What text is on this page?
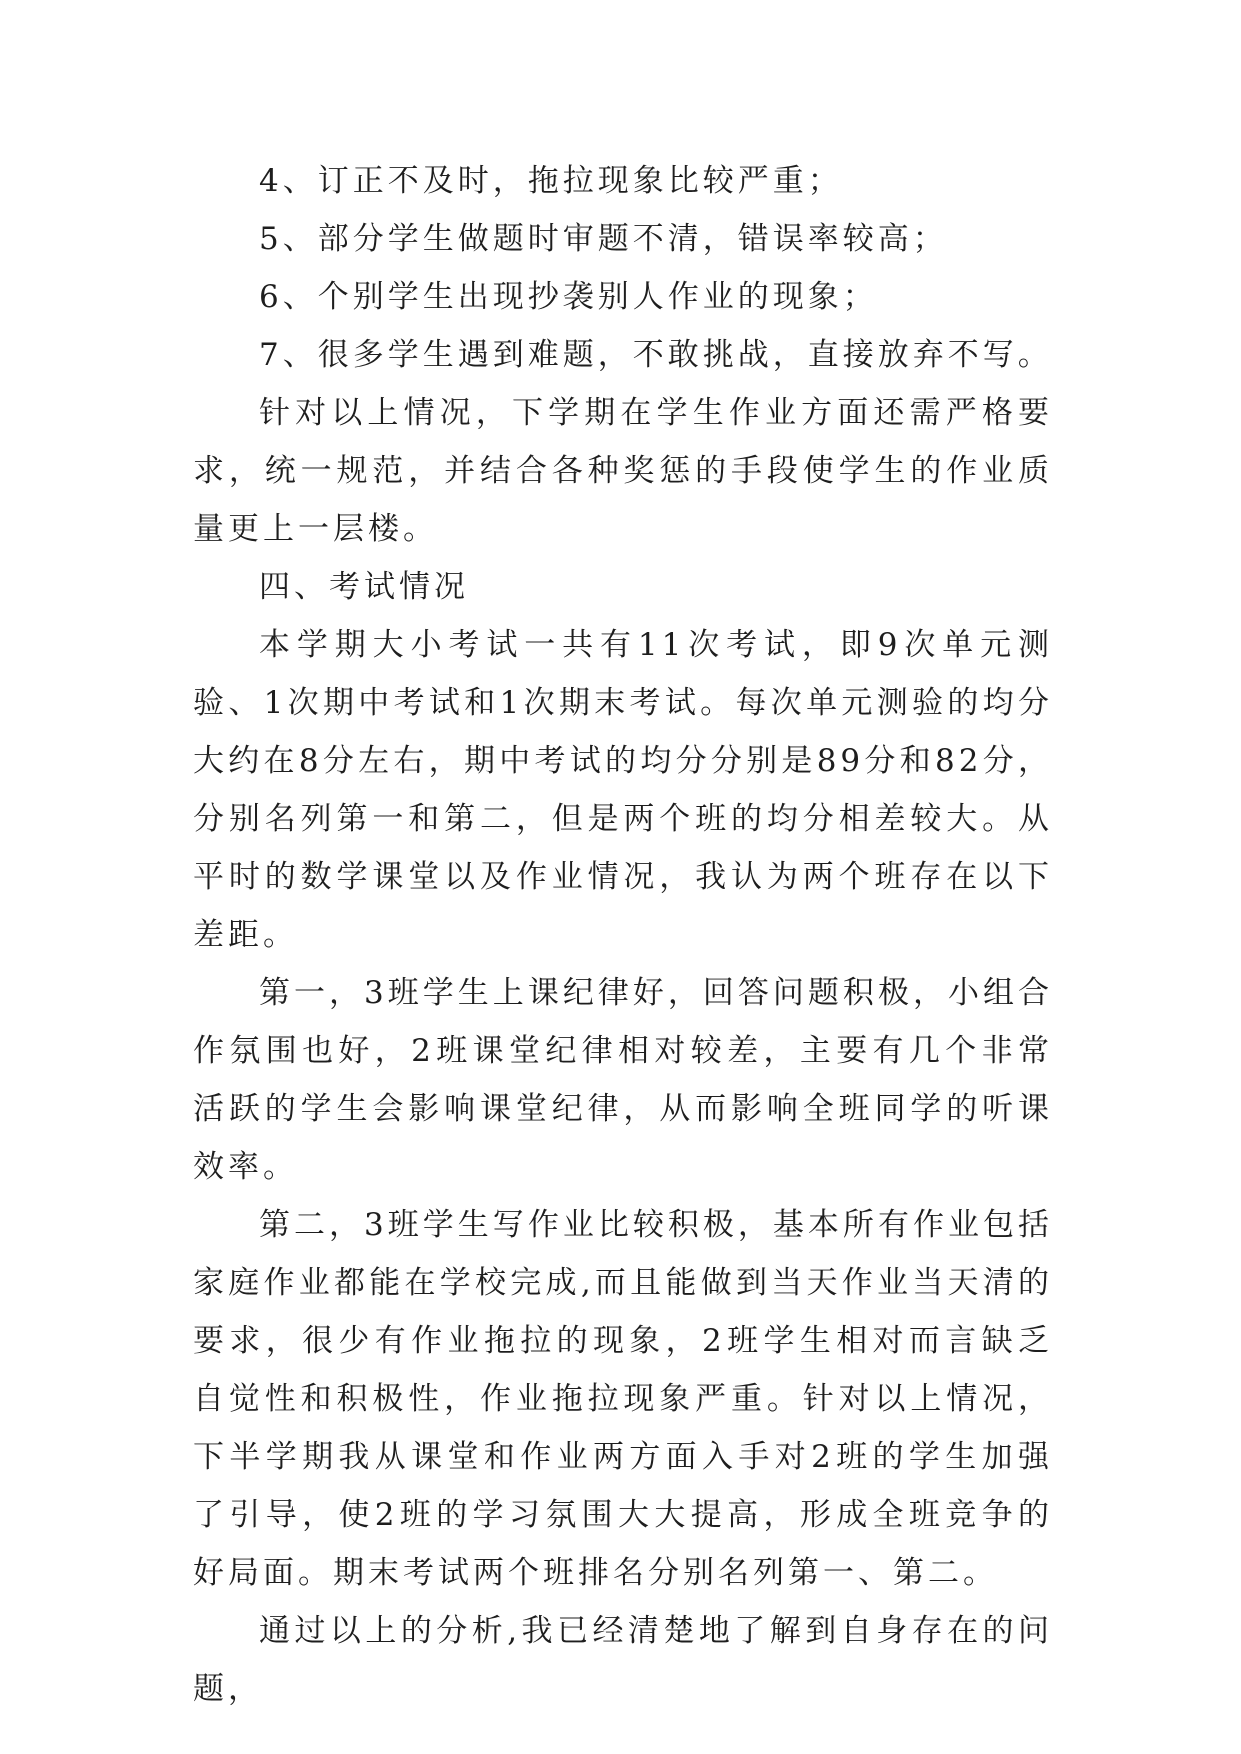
4、订正不及时，拖拉现象比较严重；

5、部分学生做题时审题不清，错误率较高；

6、个别学生出现抄袭别人作业的现象；

7、很多学生遇到难题，不敢挑战，直接放弃不写。

针对以上情况，下学期在学生作业方面还需严格要求，统一规范，并结合各种奖惩的手段使学生的作业质量更上一层楼。

四、考试情况

本学期大小考试一共有11次考试，即9次单元测验、1次期中考试和1次期末考试。每次单元测验的均分大约在8分左右，期中考试的均分分别是89分和82分，分别名列第一和第二，但是两个班的均分相差较大。从平时的数学课堂以及作业情况，我认为两个班存在以下差距。

第一，3班学生上课纪律好，回答问题积极，小组合作氛围也好，2班课堂纪律相对较差，主要有几个非常活跃的学生会影响课堂纪律，从而影响全班同学的听课效率。

第二，3班学生写作业比较积极，基本所有作业包括家庭作业都能在学校完成,而且能做到当天作业当天清的要求，很少有作业拖拉的现象，2班学生相对而言缺乏自觉性和积极性，作业拖拉现象严重。针对以上情况，下半学期我从课堂和作业两方面入手对2班的学生加强了引导，使2班的学习氛围大大提高，形成全班竞争的好局面。期末考试两个班排名分别名列第一、第二。

通过以上的分析,我已经清楚地了解到自身存在的问题，
